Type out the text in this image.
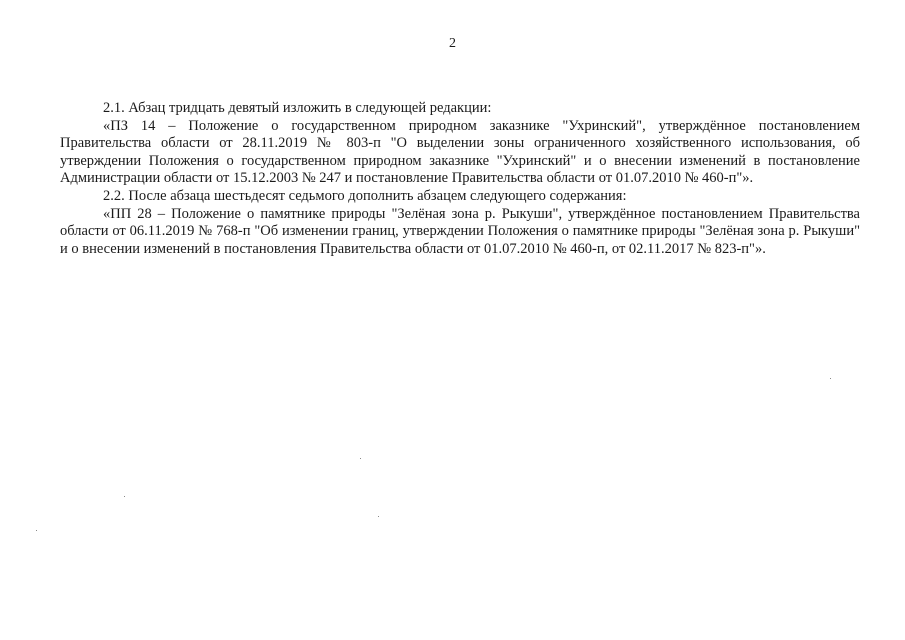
2

2.1. Абзац тридцать девятый изложить в следующей редакции:

«ПЗ 14 – Положение о государственном природном заказнике "Ухринский", утверждённое постановлением Правительства области от 28.11.2019 № 803-п "О выделении зоны ограниченного хозяйственного использования, об утверждении Положения о государственном природном заказнике "Ухринский" и о внесении изменений в постановление Администрации области от 15.12.2003 № 247 и постановление Правительства области от 01.07.2010 № 460-п"».

2.2. После абзаца шестьдесят седьмого дополнить абзацем следующего содержания:

«ПП 28 – Положение о памятнике природы "Зелёная зона р. Рыкуши", утверждённое постановлением Правительства области от 06.11.2019 № 768-п "Об изменении границ, утверждении Положения о памятнике природы "Зелёная зона р. Рыкуши" и о внесении изменений в постановления Правительства области от 01.07.2010 № 460-п, от 02.11.2017 № 823-п"».
